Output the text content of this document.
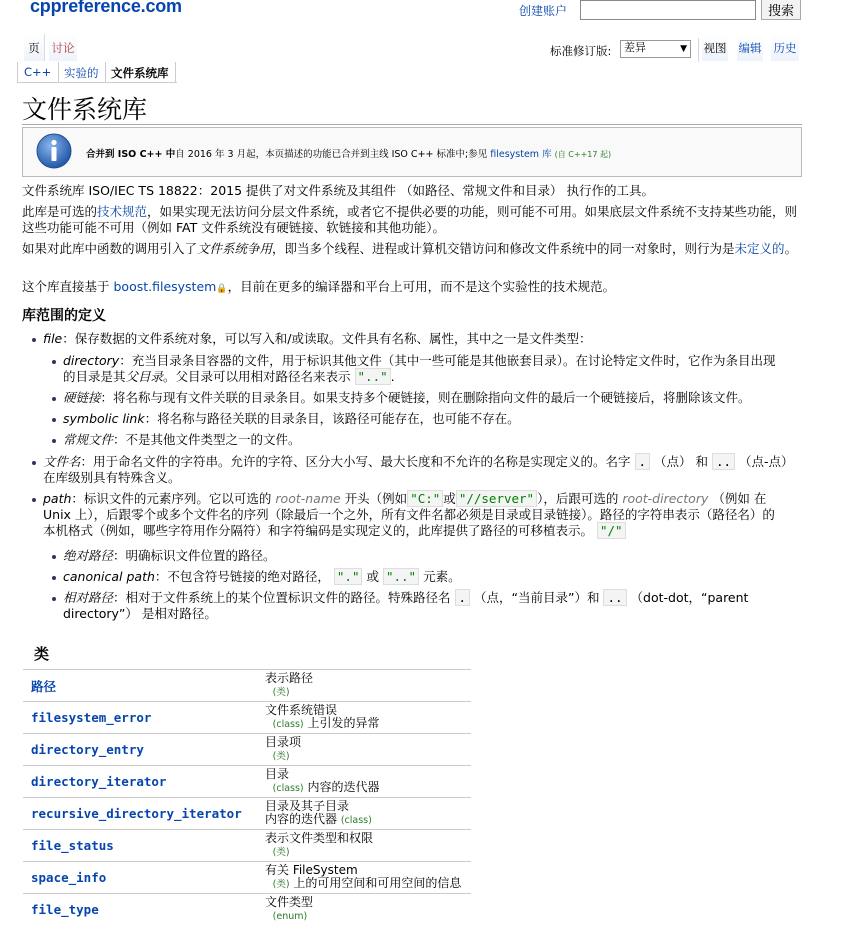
cppreference.com	创建账户	搜索
页	讨论	标准修订版:	差异	▼ 视图 编辑 历史
C++ 实验的 文件系统库
文件系统库
合并到 ISO C++ 中自 2016 年 3 月起，本页描述的功能已合并到主线 ISO C++ 标准中;参见 filesystem 库 (自 C++17 起)

文件系统库 ISO/IEC TS 18822：2015 提供了对文件系统及其组件 （如路径、常规文件和目录） 执行作的工具。

此库是可选的技术规范，如果实现无法访问分层文件系统，或者它不提供必要的功能，则可能不可用。如果底层文件系统不支持某些功能，则这些功能可能不可用（例如 FAT 文件系统没有硬链接、软链接和其他功能）。

如果对此库中函数的调用引入了文件系统争用，即当多个线程、进程或计算机交错访问和修改文件系统中的同一对象时，则行为是未定义的。

这个库直接基于 boost.filesystem🔒，目前在更多的编译器和平台上可用，而不是这个实验性的技术规范。

库范围的定义
file：保存数据的文件系统对象，可以写入和/或读取。文件具有名称、属性，其中之一是文件类型：
directory：充当目录条目容器的文件，用于标识其他文件（其中一些可能是其他嵌套目录）。在讨论特定文件时，它作为条目出现
的目录是其父目录。父目录可以用相对路径名来表示 ".." .
硬链接：将名称与现有文件关联的目录条目。如果支持多个硬链接，则在删除指向文件的最后一个硬链接后，将删除该文件。
symbolic link：将名称与路径关联的目录条目，该路径可能存在，也可能不存在。
常规文件：不是其他文件类型之一的文件。
文件名：用于命名文件的字符串。允许的字符、区分大小写、最大长度和不允许的名称是实现定义的。名字 . （点） 和 .. （点-点）
在库级别具有特殊含义。
path：标识文件的元素序列。它以可选的 root-name 开头（例如 "C:" 或 "//server" ），后跟可选的 root-directory （例如 在
Unix 上），后跟零个或多个文件名的序列（除最后一个之外，所有文件名都必须是目录或目录链接）。路径的字符串表示（路径名）的
本机格式（例如，哪些字符用作分隔符）和字符编码是实现定义的，此库提供了路径的可移植表示。 "/"
绝对路径：明确标识文件位置的路径。
canonical path：不包含符号链接的绝对路径， "." 或 ".." 元素。
相对路径：相对于文件系统上的某个位置标识文件的路径。特殊路径名 . （点，“当前目录”）和 .. （dot-dot，“parent
directory”） 是相对路径。
类
路径	表示路径
(类)
filesystem_error	文件系统错误
(class) 上引发的异常
directory_entry	目录项
(类)
directory_iterator	目录
(class) 内容的迭代器
recursive_directory_iterator	目录及其子目录
内容的迭代器 (class)
file_status	表示文件类型和权限
(类)
space_info	有关 FileSystem
(类) 上的可用空间和可用空间的信息
file_type	文件类型
(enum)
